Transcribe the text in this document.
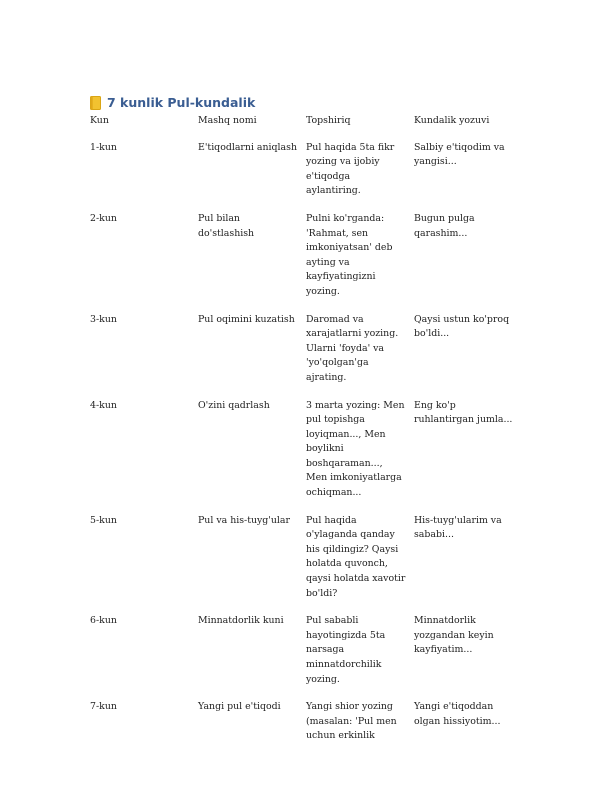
7 kunlik Pul-kundalik
Kun	Mashq nomi	Topshiriq	Kundalik yozuvi
1-kun	E'tiqodlarni aniqlash	Pul haqida 5ta fikr yozing va ijobiy e'tiqodga aylantiring.	Salbiy e'tiqodim va yangisi...
2-kun	Pul bilan do'stlashish	Pulni ko'rganda: 'Rahmat, sen imkoniyatsan' deb ayting va kayfiyatingizni yozing.	Bugun pulga qarashim...
3-kun	Pul oqimini kuzatish	Daromad va xarajatlarni yozing. Ularni 'foyda' va 'yo'qolgan'ga ajrating.	Qaysi ustun ko'proq bo'ldi...
4-kun	O'zini qadrlash	3 marta yozing: Men pul topishga loyiqman..., Men boylikni boshqaraman..., Men imkoniyatlarga ochiqman...	Eng ko'p ruhlantirgan jumla...
5-kun	Pul va his-tuyg'ular	Pul haqida o'ylaganda qanday his qildingiz? Qaysi holatda quvonch, qaysi holatda xavotir bo'ldi?	His-tuyg'ularim va sababi...
6-kun	Minnatdorlik kuni	Pul sababli hayotingizda 5ta narsaga minnatdorchilik yozing.	Minnatdorlik yozgandan keyin kayfiyatim...
7-kun	Yangi pul e'tiqodi	Yangi shior yozing (masalan: 'Pul men uchun erkinlik	Yangi e'tiqoddan olgan hissiyotim...
